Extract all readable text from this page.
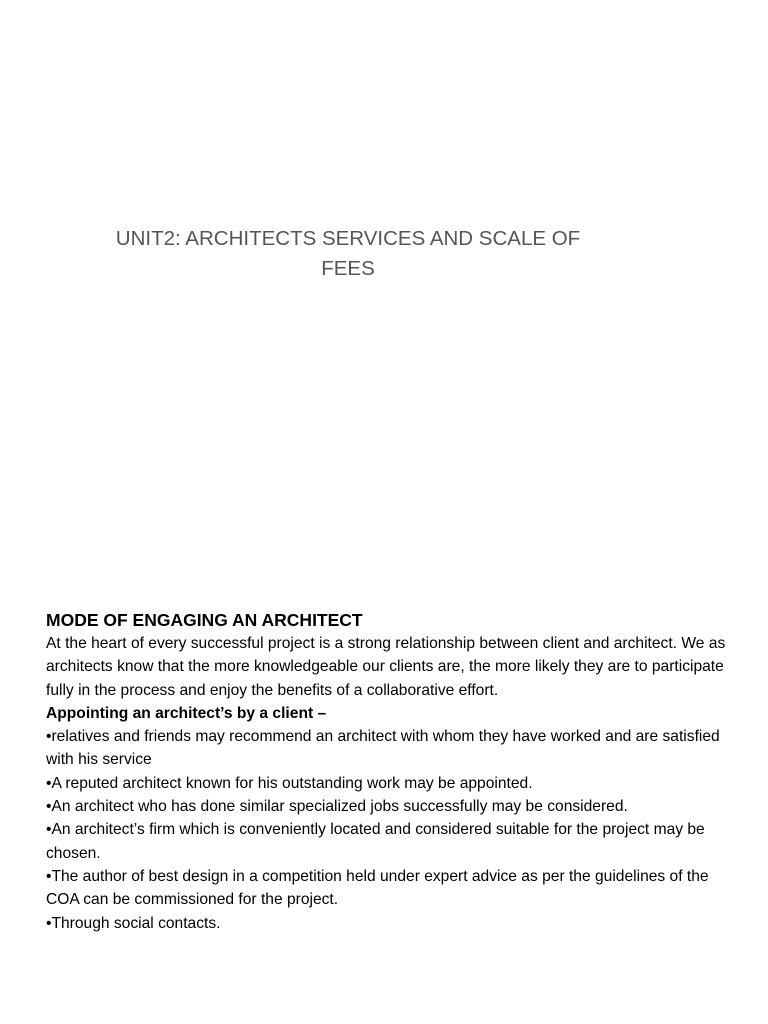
UNIT2: ARCHITECTS SERVICES AND SCALE OF
FEES

MODE OF ENGAGING AN ARCHITECT

At the heart of every successful project is a strong relationship between client and architect. We as architects know that the more knowledgeable our clients are, the more likely they are to participate fully in the process and enjoy the benefits of a collaborative effort.

Appointing an architect’s by a client –

•relatives and friends may recommend an architect with whom they have worked and are satisfied with his service

•A reputed architect known for his outstanding work may be appointed.

•An architect who has done similar specialized jobs successfully may be considered.

•An architect’s firm which is conveniently located and considered suitable for the project may be chosen.

•The author of best design in a competition held under expert advice as per the guidelines of the COA can be commissioned for the project.

•Through social contacts.
